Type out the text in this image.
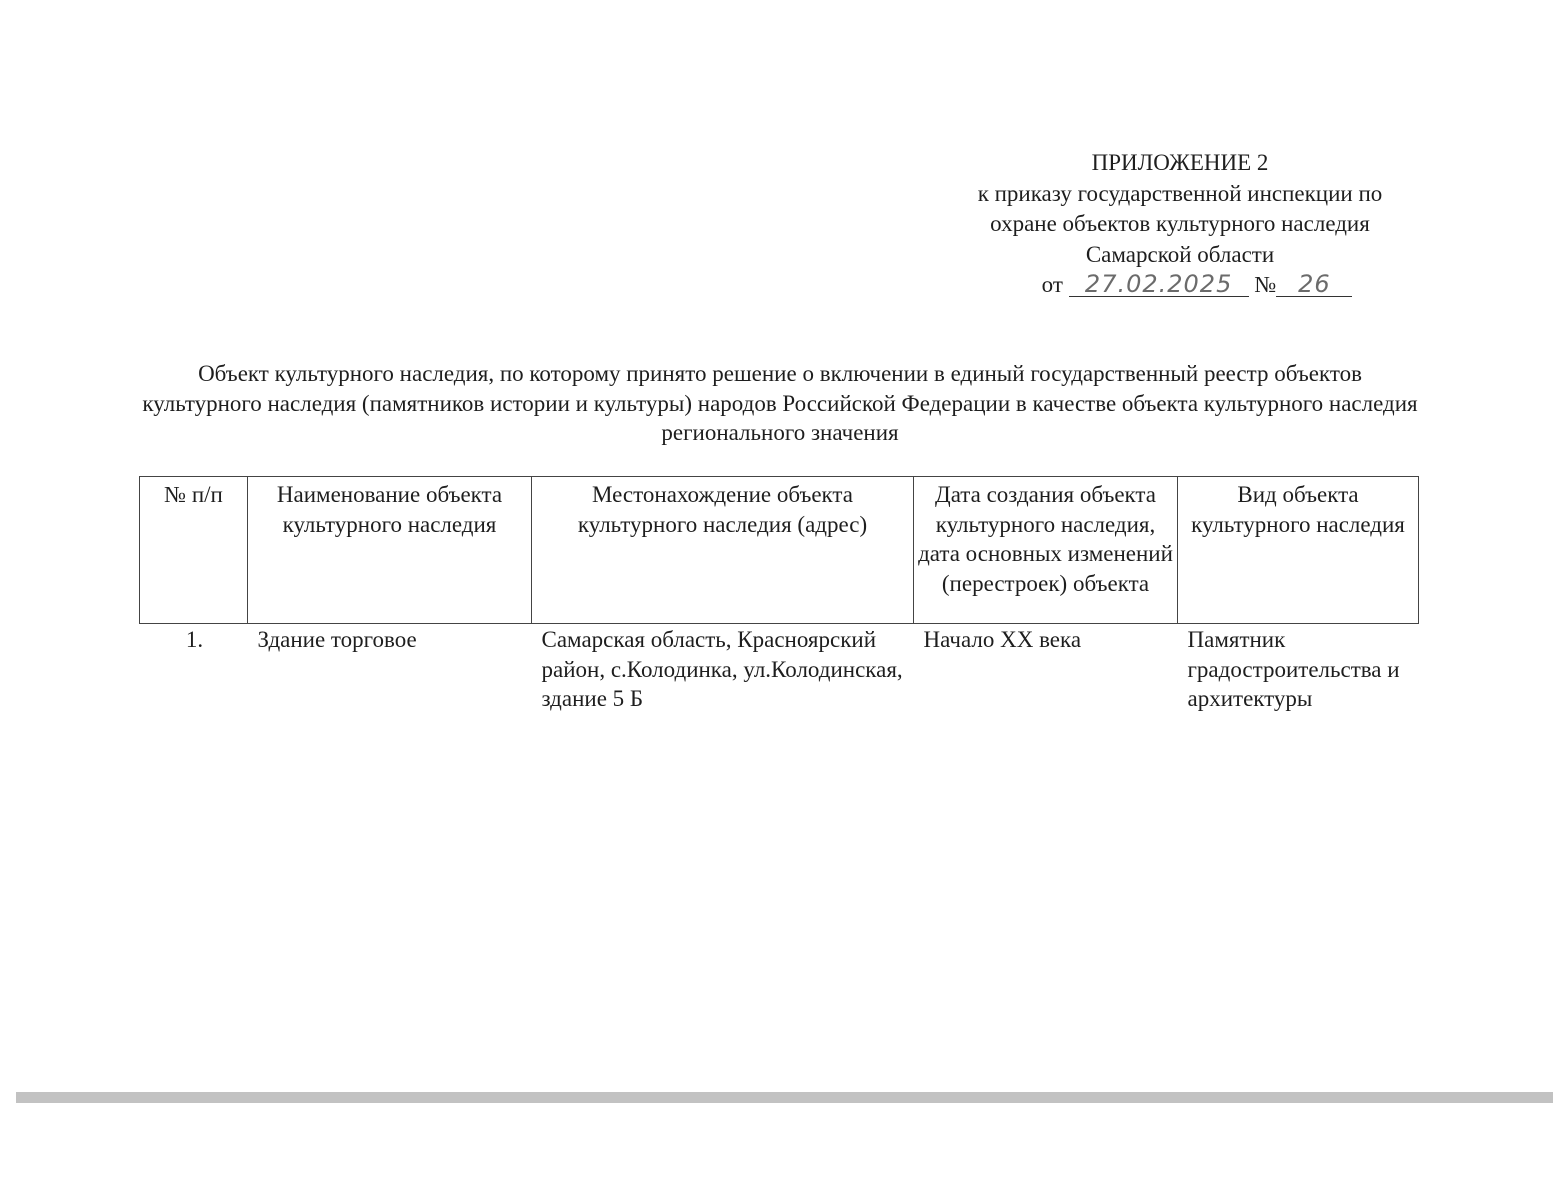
ПРИЛОЖЕНИЕ 2
к приказу государственной инспекции по
охране объектов культурного наследия
Самарской области
от 27.02.2025 № 26
Объект культурного наследия, по которому принято решение о включении в единый государственный реестр объектов культурного наследия (памятников истории и культуры) народов Российской Федерации в качестве объекта культурного наследия регионального значения
№ п/п	Наименование объекта культурного наследия	Местонахождение объекта культурного наследия (адрес)	Дата создания объекта культурного наследия, дата основных изменений (перестроек) объекта	Вид объекта культурного наследия
1.	Здание торговое	Самарская область, Красноярский район, с.Колодинка, ул.Колодинская, здание 5 Б	Начало XX века	Памятник градостроительства и архитектуры
